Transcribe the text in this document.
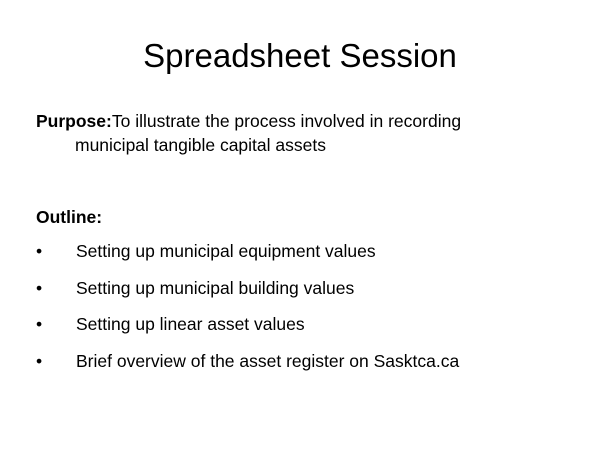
Spreadsheet Session
Purpose:To illustrate the process involved in recording
municipal tangible capital assets
Outline:
•	Setting up municipal equipment values
•	Setting up municipal building values
•	Setting up linear asset values
•	Brief overview of the asset register on Sasktca.ca
